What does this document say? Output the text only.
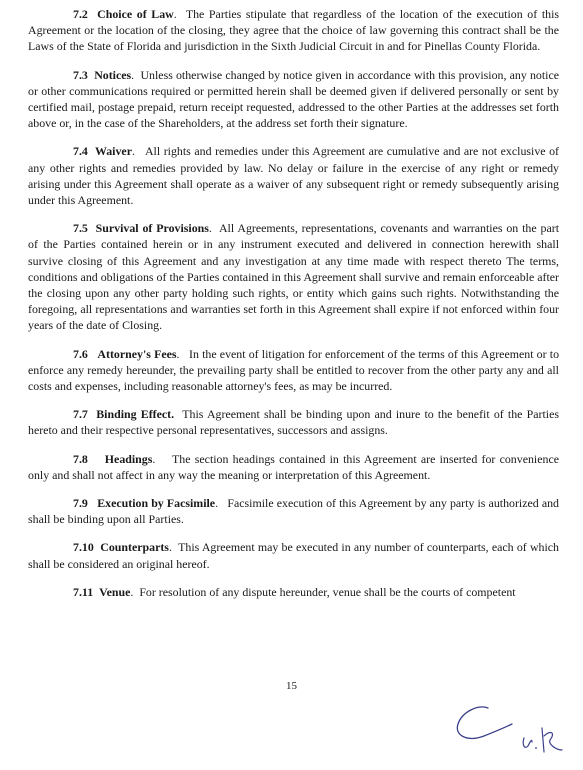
7.2 Choice of Law.  The Parties stipulate that regardless of the location of the execution of this Agreement or the location of the closing, they agree that the choice of law governing this contract shall be the Laws of the State of Florida and jurisdiction in the Sixth Judicial Circuit in and for Pinellas County Florida.

7.3 Notices.  Unless otherwise changed by notice given in accordance with this provision, any notice or other communications required or permitted herein shall be deemed given if delivered personally or sent by certified mail, postage prepaid, return receipt requested, addressed to the other Parties at the addresses set forth above or, in the case of the Shareholders, at the address set forth their signature.

7.4 Waiver.   All rights and remedies under this Agreement are cumulative and are not exclusive of any other rights and remedies provided by law. No delay or failure in the exercise of any right or remedy arising under this Agreement shall operate as a waiver of any subsequent right or remedy subsequently arising under this Agreement.

7.5 Survival of Provisions.  All Agreements, representations, covenants and warranties on the part of the Parties contained herein or in any instrument executed and delivered in connection herewith shall survive closing of this Agreement and any investigation at any time made with respect thereto The terms, conditions and obligations of the Parties contained in this Agreement shall survive and remain enforceable after the closing upon any other party holding such rights, or entity which gains such rights. Notwithstanding the foregoing, all representations and warranties set forth in this Agreement shall expire if not enforced within four years of the date of Closing.

7.6 Attorney's Fees.   In the event of litigation for enforcement of the terms of this Agreement or to enforce any remedy hereunder, the prevailing party shall be entitled to recover from the other party any and all costs and expenses, including reasonable attorney's fees, as may be incurred.

7.7 Binding Effect. This Agreement shall be binding upon and inure to the benefit of the Parties hereto and their respective personal representatives, successors and assigns.

7.8 Headings.    The section headings contained in this Agreement are inserted for convenience only and shall not affect in any way the meaning or interpretation of this Agreement.

7.9 Execution by Facsimile.   Facsimile execution of this Agreement by any party is authorized and shall be binding upon all Parties.

7.10 Counterparts.  This Agreement may be executed in any number of counterparts, each of which shall be considered an original hereof.

7.11 Venue.  For resolution of any dispute hereunder, venue shall be the courts of competent

15
